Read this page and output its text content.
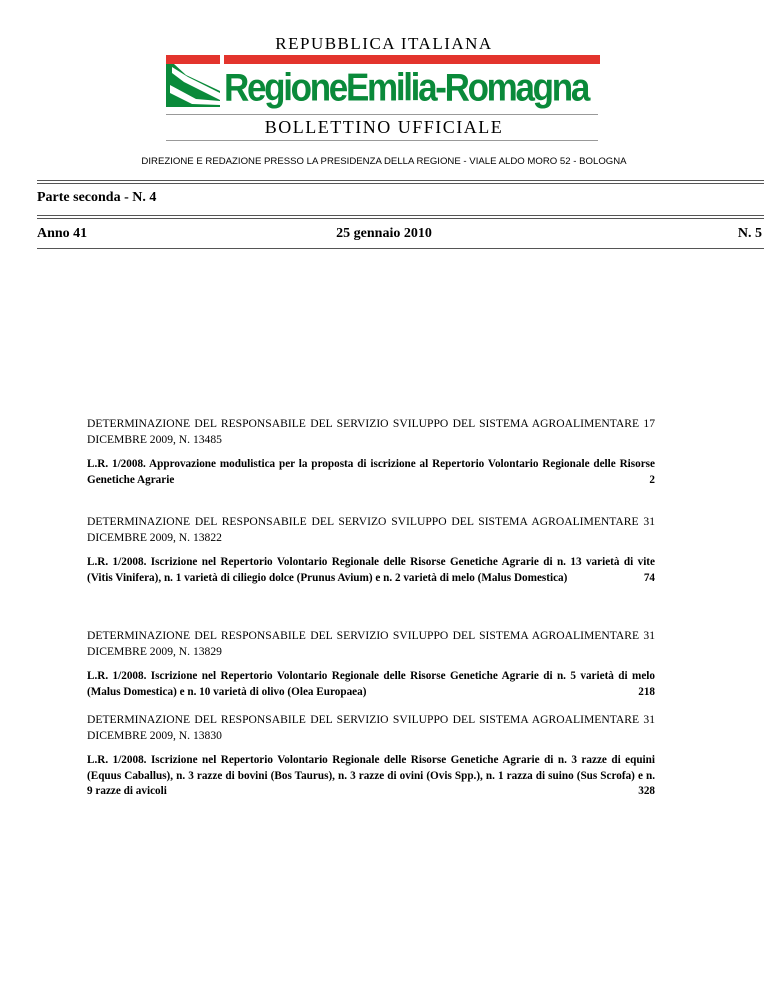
REPUBBLICA ITALIANA
RegioneEmilia-Romagna
BOLLETTINO UFFICIALE
DIREZIONE E REDAZIONE PRESSO LA PRESIDENZA DELLA REGIONE - VIALE ALDO MORO 52 - BOLOGNA
Parte seconda - N. 4
Anno 41	25 gennaio 2010	N. 5

DETERMINAZIONE DEL RESPONSABILE DEL SERVIZIO SVILUPPO DEL SISTEMA AGROALIMENTARE 17 DICEMBRE 2009, N. 13485

L.R. 1/2008. Approvazione modulistica per la proposta di iscrizione al Repertorio Volontario Regionale delle Risorse Genetiche Agrarie	2

DETERMINAZIONE DEL RESPONSABILE DEL SERVIZO SVILUPPO DEL SISTEMA AGROALIMENTARE 31 DICEMBRE 2009, N. 13822

L.R. 1/2008. Iscrizione nel Repertorio Volontario Regionale delle Risorse Genetiche Agrarie di n. 13 varietà di vite (Vitis Vinifera), n. 1 varietà di ciliegio dolce (Prunus Avium) e n. 2 varietà di melo (Malus Domestica)	74

DETERMINAZIONE DEL RESPONSABILE DEL SERVIZIO SVILUPPO DEL SISTEMA AGROALIMENTARE 31 DICEMBRE 2009, N. 13829

L.R. 1/2008. Iscrizione nel Repertorio Volontario Regionale delle Risorse Genetiche Agrarie di n. 5 varietà di melo (Malus Domestica) e n. 10 varietà di olivo (Olea Europaea)	218

DETERMINAZIONE DEL RESPONSABILE DEL SERVIZIO SVILUPPO DEL SISTEMA AGROALIMENTARE 31 DICEMBRE 2009, N. 13830

L.R. 1/2008. Iscrizione nel Repertorio Volontario Regionale delle Risorse Genetiche Agrarie di n. 3 razze di equini (Equus Caballus), n. 3 razze di bovini (Bos Taurus), n. 3 razze di ovini (Ovis Spp.), n. 1 razza di suino (Sus Scrofa) e n. 9 razze di avicoli	328
